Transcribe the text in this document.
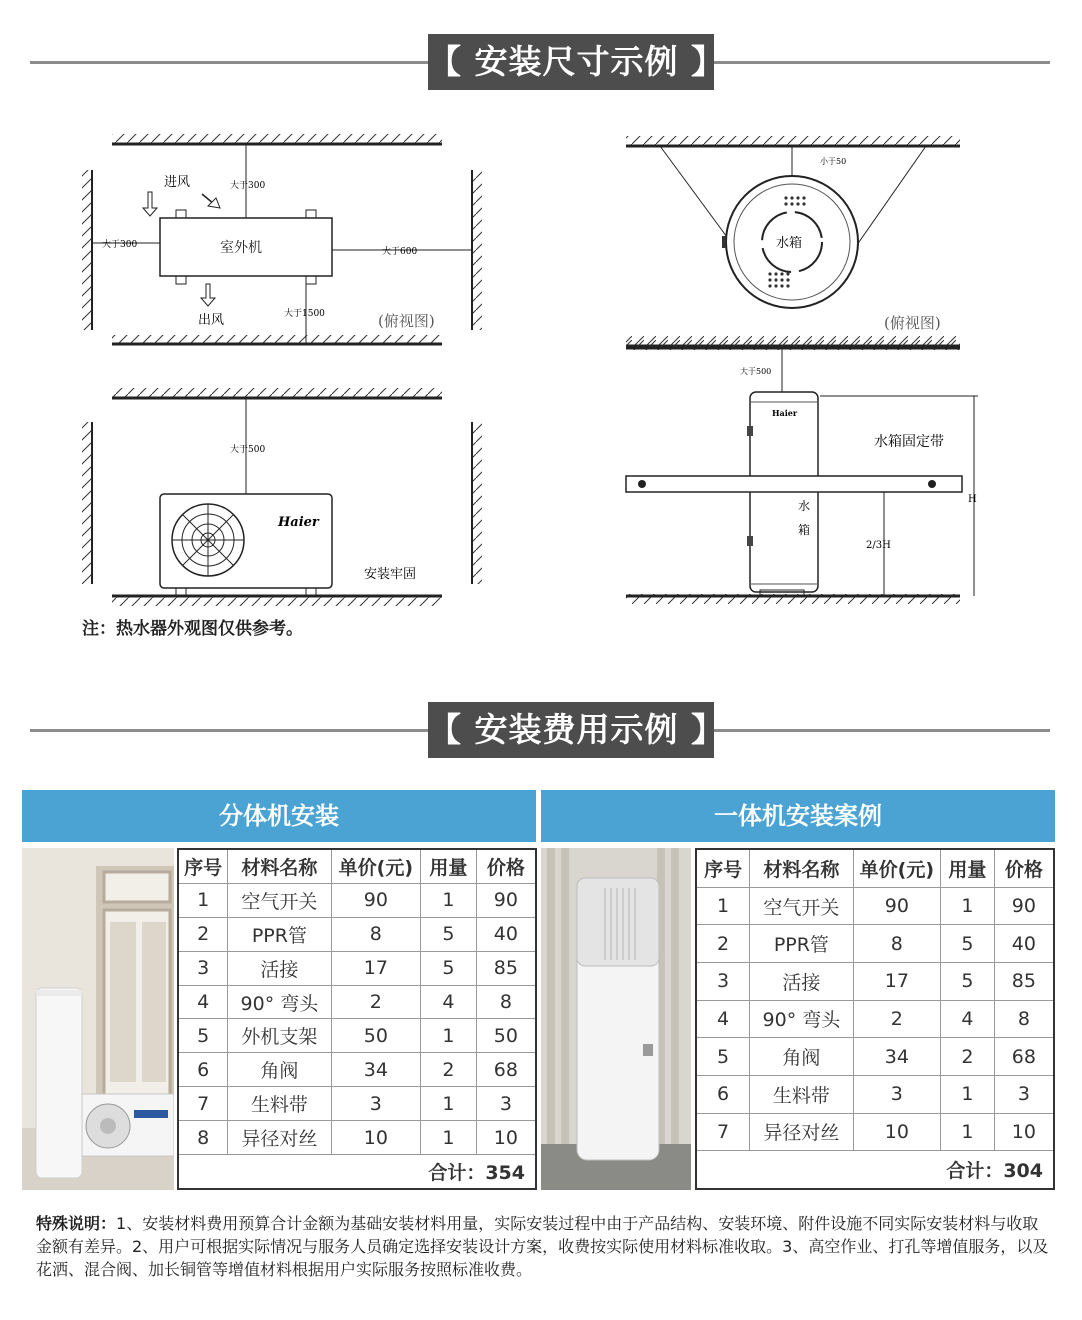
【 安装尺寸示例 】
室外机
大于300
大于300
大于600
大于1500
进风
出风	(俯视图)
大于500
Haier
安装牢固
小于50
水箱
(俯视图)
大于500
Haier
水
箱
水箱固定带
2/3H
H
注：热水器外观图仅供参考。
【 安装费用示例 】
分体机安装
序号	材料名称	单价(元)	用量	价格
1	空气开关	90	1	90
2	PPR管	8	5	40
3	活接	17	5	85
4	90° 弯头	2	4	8
5	外机支架	50	1	50
6	角阀	34	2	68
7	生料带	3	1	3
8	异径对丝	10	1	10
合计：354				
一体机安装案例
序号	材料名称	单价(元)	用量	价格
1	空气开关	90	1	90
2	PPR管	8	5	40
3	活接	17	5	85
4	90° 弯头	2	4	8
5	角阀	34	2	68
6	生料带	3	1	3
7	异径对丝	10	1	10
合计：304				
特殊说明：1、安装材料费用预算合计金额为基础安装材料用量，实际安装过程中由于产品结构、安装环境、附件设施不同实际安装材料与收取金额有差异。2、用户可根据实际情况与服务人员确定选择安装设计方案，收费按实际使用材料标准收取。3、高空作业、打孔等增值服务，以及花洒、混合阀、加长铜管等增值材料根据用户实际服务按照标准收费。
